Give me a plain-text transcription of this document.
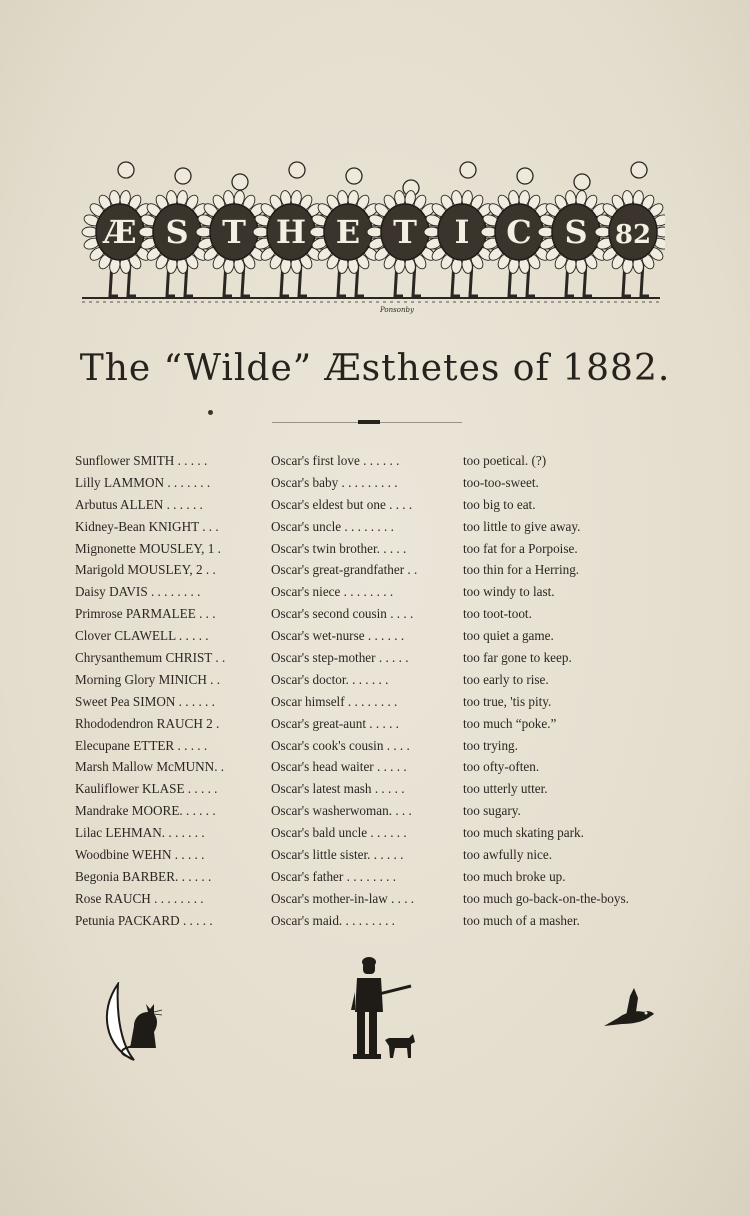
Ponsonby
Æ S T H E T I C S 82
The “Wilde” Æsthetes of 1882.
Sunflower SMITH . . . . .	Oscar's first love . . . . . .	too poetical. (?)
Lilly LAMMON . . . . . . .	Oscar's baby . . . . . . . . .	too-too-sweet.
Arbutus ALLEN . . . . . .	Oscar's eldest but one . . . .	too big to eat.
Kidney-Bean KNIGHT . . .	Oscar's uncle . . . . . . . .	too little to give away.
Mignonette MOUSLEY, 1 .	Oscar's twin brother. . . . .	too fat for a Porpoise.
Marigold MOUSLEY, 2 . .	Oscar's great-grandfather . .	too thin for a Herring.
Daisy DAVIS . . . . . . . .	Oscar's niece . . . . . . . .	too windy to last.
Primrose PARMALEE . . .	Oscar's second cousin . . . .	too toot-toot.
Clover CLAWELL . . . . .	Oscar's wet-nurse . . . . . .	too quiet a game.
Chrysanthemum CHRIST . .	Oscar's step-mother . . . . .	too far gone to keep.
Morning Glory MINICH . .	Oscar's doctor. . . . . . .	too early to rise.
Sweet Pea SIMON . . . . . .	Oscar himself . . . . . . . .	too true, 'tis pity.
Rhododendron RAUCH 2 .	Oscar's great-aunt . . . . .	too much “poke.”
Elecupane ETTER . . . . .	Oscar's cook's cousin . . . .	too trying.
Marsh Mallow McMUNN. .	Oscar's head waiter . . . . .	too ofty-often.
Kauliflower KLASE . . . . .	Oscar's latest mash . . . . .	too utterly utter.
Mandrake MOORE. . . . . .	Oscar's washerwoman. . . .	too sugary.
Lilac LEHMAN. . . . . . .	Oscar's bald uncle . . . . . .	too much skating park.
Woodbine WEHN . . . . .	Oscar's little sister. . . . . .	too awfully nice.
Begonia BARBER. . . . . .	Oscar's father . . . . . . . .	too much broke up.
Rose RAUCH . . . . . . . .	Oscar's mother-in-law . . . .	too much go-back-on-the-boys.
Petunia PACKARD . . . . .	Oscar's maid. . . . . . . . .	too much of a masher.
